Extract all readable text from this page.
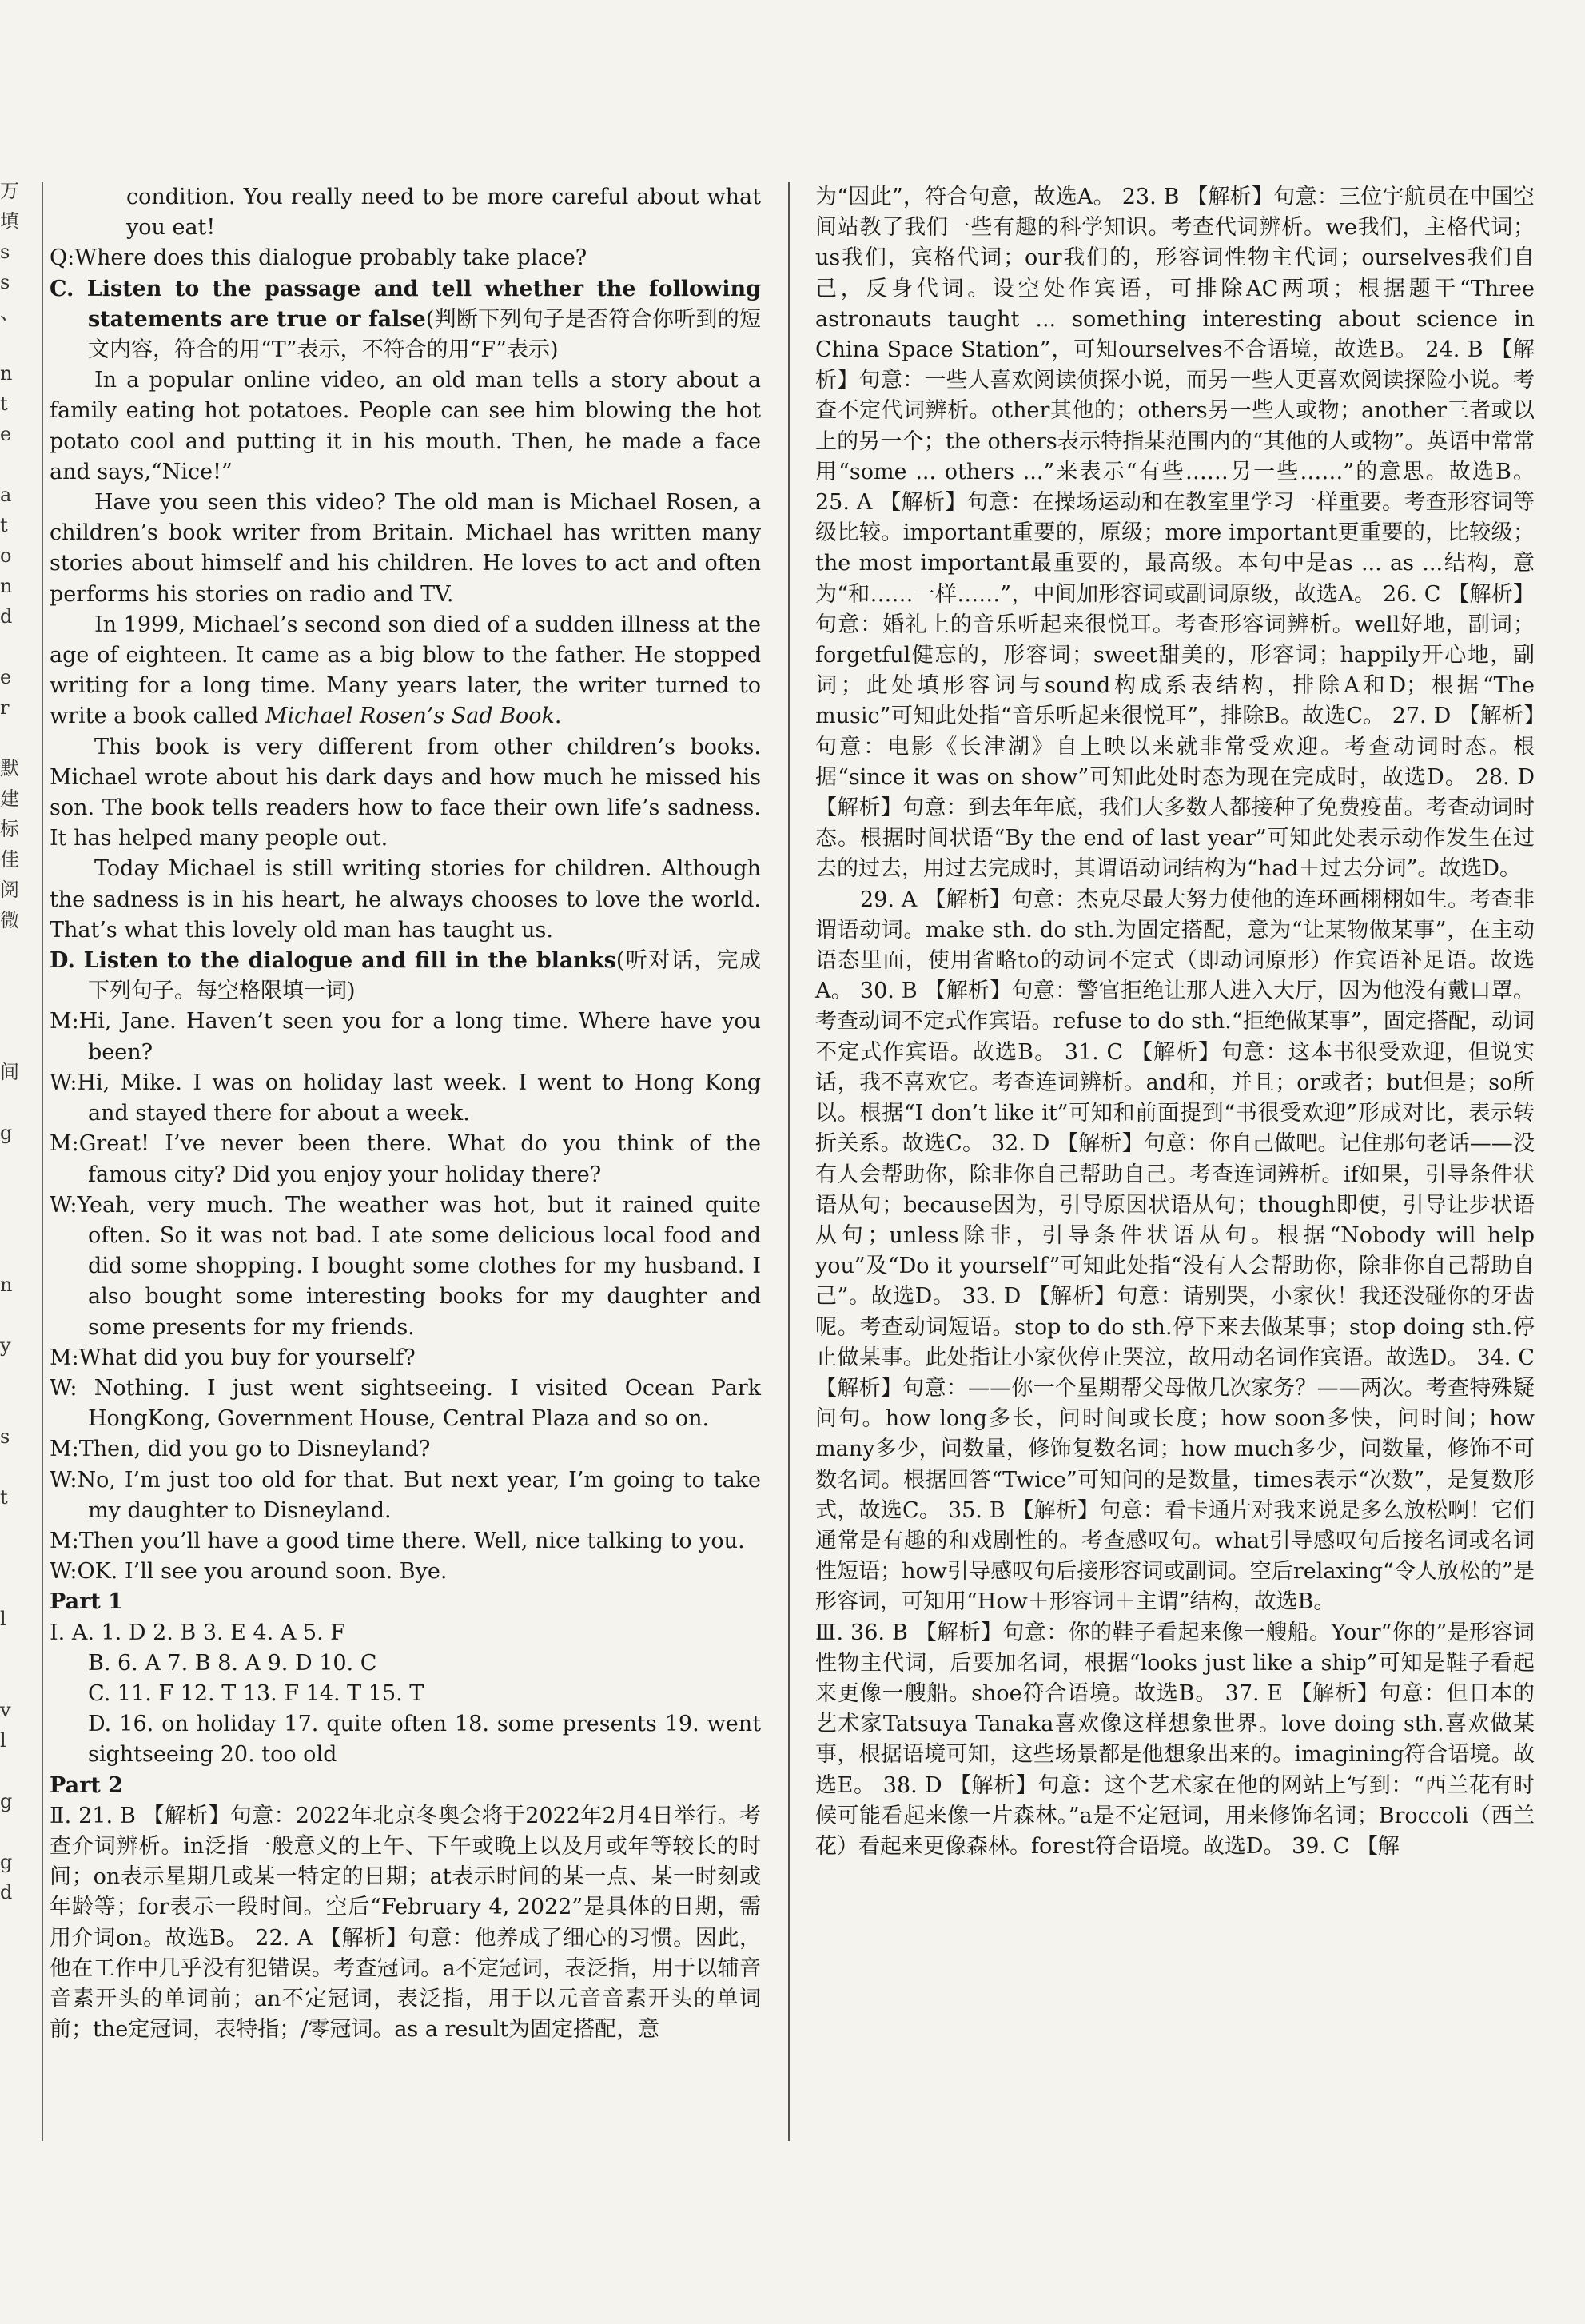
万
填
s
s
、
n
t
e
a
t
o
n
d
e
r
默
建
标
佳
阅
微
间
g
n
y
s
t
l
v
l
g
g
d

condition. You really need to be more careful about what you eat!

Q:Where does this dialogue probably take place?

C. Listen to the passage and tell whether the following statements are true or false(判断下列句子是否符合你听到的短文内容，符合的用“T”表示，不符合的用“F”表示)

In a popular online video, an old man tells a story about a family eating hot potatoes. People can see him blowing the hot potato cool and putting it in his mouth. Then, he made a face and says,“Nice!”

Have you seen this video? The old man is Michael Rosen, a children’s book writer from Britain. Michael has written many stories about himself and his children. He loves to act and often performs his stories on radio and TV.

In 1999, Michael’s second son died of a sudden illness at the age of eighteen. It came as a big blow to the father. He stopped writing for a long time. Many years later, the writer turned to write a book called Michael Rosen’s Sad Book.

This book is very different from other children’s books. Michael wrote about his dark days and how much he missed his son. The book tells readers how to face their own life’s sadness. It has helped many people out.

Today Michael is still writing stories for children. Although the sadness is in his heart, he always chooses to love the world. That’s what this lovely old man has taught us.

D. Listen to the dialogue and fill in the blanks(听对话，完成下列句子。每空格限填一词)

M:Hi, Jane. Haven’t seen you for a long time. Where have you been?

W:Hi, Mike. I was on holiday last week. I went to Hong Kong and stayed there for about a week.

M:Great! I’ve never been there. What do you think of the famous city? Did you enjoy your holiday there?

W:Yeah, very much. The weather was hot, but it rained quite often. So it was not bad. I ate some delicious local food and did some shopping. I bought some clothes for my husband. I also bought some interesting books for my daughter and some presents for my friends.

M:What did you buy for yourself?

W: Nothing. I just went sightseeing. I visited Ocean Park HongKong, Government House, Central Plaza and so on.

M:Then, did you go to Disneyland?

W:No, I’m just too old for that. But next year, I’m going to take my daughter to Disneyland.

M:Then you’ll have a good time there. Well, nice talking to you.

W:OK. I’ll see you around soon. Bye.

Part 1

Ⅰ. A. 1. D 2. B 3. E 4. A 5. F

B. 6. A 7. B 8. A 9. D 10. C

C. 11. F 12. T 13. F 14. T 15. T

D. 16. on holiday 17. quite often 18. some presents 19. went sightseeing 20. too old

Part 2

Ⅱ. 21. B 【解析】句意：2022年北京冬奥会将于2022年2月4日举行。考查介词辨析。in泛指一般意义的上午、下午或晚上以及月或年等较长的时间；on表示星期几或某一特定的日期；at表示时间的某一点、某一时刻或年龄等；for表示一段时间。空后“February 4, 2022”是具体的日期，需用介词on。故选B。 22. A 【解析】句意：他养成了细心的习惯。因此，他在工作中几乎没有犯错误。考查冠词。a不定冠词，表泛指，用于以辅音音素开头的单词前；an不定冠词，表泛指，用于以元音音素开头的单词前；the定冠词，表特指；/零冠词。as a result为固定搭配，意

为“因此”，符合句意，故选A。 23. B 【解析】句意：三位宇航员在中国空间站教了我们一些有趣的科学知识。考查代词辨析。we我们，主格代词；us我们，宾格代词；our我们的，形容词性物主代词；ourselves我们自己，反身代词。设空处作宾语，可排除AC两项；根据题干“Three astronauts taught ... something interesting about science in China Space Station”，可知ourselves不合语境，故选B。 24. B 【解析】句意：一些人喜欢阅读侦探小说，而另一些人更喜欢阅读探险小说。考查不定代词辨析。other其他的；others另一些人或物；another三者或以上的另一个；the others表示特指某范围内的“其他的人或物”。英语中常常用“some ... others ...”来表示“有些……另一些……”的意思。故选B。 25. A 【解析】句意：在操场运动和在教室里学习一样重要。考查形容词等级比较。important重要的，原级；more important更重要的，比较级；the most important最重要的，最高级。本句中是as ... as ...结构，意为“和……一样……”，中间加形容词或副词原级，故选A。 26. C 【解析】句意：婚礼上的音乐听起来很悦耳。考查形容词辨析。well好地，副词；forgetful健忘的，形容词；sweet甜美的，形容词；happily开心地，副词；此处填形容词与sound构成系表结构，排除A和D；根据“The music”可知此处指“音乐听起来很悦耳”，排除B。故选C。 27. D 【解析】句意：电影《长津湖》自上映以来就非常受欢迎。考查动词时态。根据“since it was on show”可知此处时态为现在完成时，故选D。 28. D 【解析】句意：到去年年底，我们大多数人都接种了免费疫苗。考查动词时态。根据时间状语“By the end of last year”可知此处表示动作发生在过去的过去，用过去完成时，其谓语动词结构为“had＋过去分词”。故选D。

29. A 【解析】句意：杰克尽最大努力使他的连环画栩栩如生。考查非谓语动词。make sth. do sth.为固定搭配，意为“让某物做某事”，在主动语态里面，使用省略to的动词不定式（即动词原形）作宾语补足语。故选A。 30. B 【解析】句意：警官拒绝让那人进入大厅，因为他没有戴口罩。考查动词不定式作宾语。refuse to do sth.“拒绝做某事”，固定搭配，动词不定式作宾语。故选B。 31. C 【解析】句意：这本书很受欢迎，但说实话，我不喜欢它。考查连词辨析。and和，并且；or或者；but但是；so所以。根据“I don’t like it”可知和前面提到“书很受欢迎”形成对比，表示转折关系。故选C。 32. D 【解析】句意：你自己做吧。记住那句老话——没有人会帮助你，除非你自己帮助自己。考查连词辨析。if如果，引导条件状语从句；because因为，引导原因状语从句；though即使，引导让步状语从句；unless除非，引导条件状语从句。根据“Nobody will help you”及“Do it yourself”可知此处指“没有人会帮助你，除非你自己帮助自己”。故选D。 33. D 【解析】句意：请别哭，小家伙！我还没碰你的牙齿呢。考查动词短语。stop to do sth.停下来去做某事；stop doing sth.停止做某事。此处指让小家伙停止哭泣，故用动名词作宾语。故选D。 34. C 【解析】句意：——你一个星期帮父母做几次家务？——两次。考查特殊疑问句。how long多长，问时间或长度；how soon多快，问时间；how many多少，问数量，修饰复数名词；how much多少，问数量，修饰不可数名词。根据回答“Twice”可知问的是数量，times表示“次数”，是复数形式，故选C。 35. B 【解析】句意：看卡通片对我来说是多么放松啊！它们通常是有趣的和戏剧性的。考查感叹句。what引导感叹句后接名词或名词性短语；how引导感叹句后接形容词或副词。空后relaxing“令人放松的”是形容词，可知用“How＋形容词＋主谓”结构，故选B。

Ⅲ. 36. B 【解析】句意：你的鞋子看起来像一艘船。Your“你的”是形容词性物主代词，后要加名词，根据“looks just like a ship”可知是鞋子看起来更像一艘船。shoe符合语境。故选B。 37. E 【解析】句意：但日本的艺术家Tatsuya Tanaka喜欢像这样想象世界。love doing sth.喜欢做某事，根据语境可知，这些场景都是他想象出来的。imagining符合语境。故选E。 38. D 【解析】句意：这个艺术家在他的网站上写到：“西兰花有时候可能看起来像一片森林。”a是不定冠词，用来修饰名词；Broccoli（西兰花）看起来更像森林。forest符合语境。故选D。 39. C 【解
